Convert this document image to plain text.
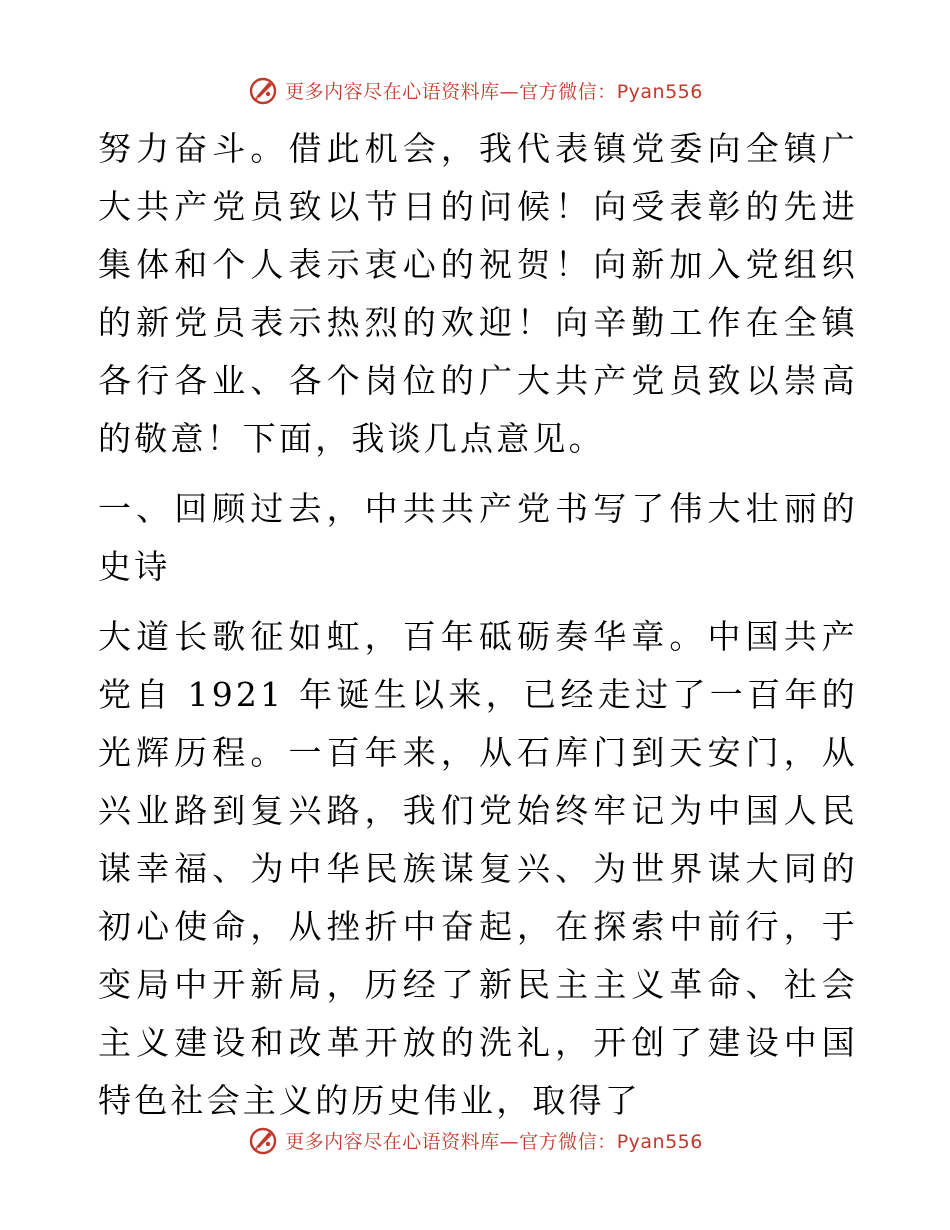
更多内容尽在心语资料库—官方微信：Pyan556

努力奋斗。借此机会，我代表镇党委向全镇广大共产党员致以节日的问候！向受表彰的先进集体和个人表示衷心的祝贺！向新加入党组织的新党员表示热烈的欢迎！向辛勤工作在全镇各行各业、各个岗位的广大共产党员致以崇高的敬意！下面，我谈几点意见。

一、回顾过去，中共共产党书写了伟大壮丽的史诗

大道长歌征如虹，百年砥砺奏华章。中国共产党自 1921 年诞生以来，已经走过了一百年的光辉历程。一百年来，从石库门到天安门，从兴业路到复兴路，我们党始终牢记为中国人民谋幸福、为中华民族谋复兴、为世界谋大同的初心使命，从挫折中奋起，在探索中前行，于变局中开新局，历经了新民主主义革命、社会主义建设和改革开放的洗礼，开创了建设中国特色社会主义的历史伟业，取得了

更多内容尽在心语资料库—官方微信：Pyan556
